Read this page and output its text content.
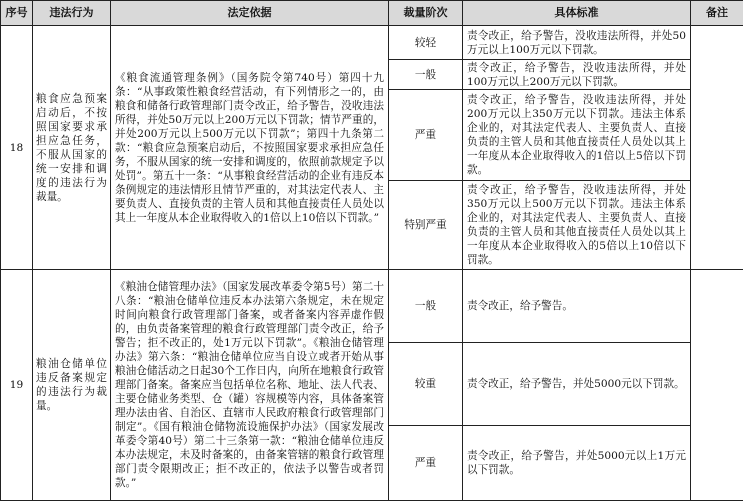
序号	违法行为	法定依据	裁量阶次	具体标准	备注
18	粮食应急预案启动后，不按照国家要求承担应急任务，不服从国家的统一安排和调度的违法行为裁量。	《粮食流通管理条例》（国务院令第740号）第四十九条：“从事政策性粮食经营活动，有下列情形之一的，由粮食和储备行政管理部门责令改正，给予警告，没收违法所得，并处50万元以上200万元以下罚款；情节严重的，并处200万元以上500万元以下罚款”；第四十九条第二款：“粮食应急预案启动后，不按照国家要求承担应急任务，不服从国家的统一安排和调度的，依照前款规定予以处罚”。第五十一条：“从事粮食经营活动的企业有违反本条例规定的违法情形且情节严重的，对其法定代表人、主要负责人、直接负责的主管人员和其他直接责任人员处以其上一年度从本企业取得收入的1倍以上10倍以下罚款。”	较轻	责令改正，给予警告，没收违法所得，并处50万元以上100万元以下罚款。	
			一般	责令改正，给予警告，没收违法所得，并处100万元以上200万元以下罚款。	
			严重	责令改正，给予警告，没收违法所得，并处200万元以上350万元以下罚款。违法主体系企业的，对其法定代表人、主要负责人、直接负责的主管人员和其他直接责任人员处以其上一年度从本企业取得收入的1倍以上5倍以下罚款。	
			特别严重	责令改正，给予警告，没收违法所得，并处350万元以上500万元以下罚款。违法主体系企业的，对其法定代表人、主要负责人、直接负责的主管人员和其他直接责任人员处以其上一年度从本企业取得收入的5倍以上10倍以下罚款。	
19	粮油仓储单位违反备案规定的违法行为裁量。	《粮油仓储管理办法》（国家发展改革委令第5号）第二十八条：“粮油仓储单位违反本办法第六条规定，未在规定时间向粮食行政管理部门备案，或者备案内容弄虚作假的，由负责备案管理的粮食行政管理部门责令改正，给予警告；拒不改正的，处1万元以下罚款”。《粮油仓储管理办法》第六条：“粮油仓储单位应当自设立或者开始从事粮油仓储活动之日起30个工作日内，向所在地粮食行政管理部门备案。备案应当包括单位名称、地址、法人代表、主要仓储业务类型、仓（罐）容规模等内容，具体备案管理办法由省、自治区、直辖市人民政府粮食行政管理部门制定”。《国有粮油仓储物流设施保护办法》（国家发展改革委令第40号）第二十三条第一款：“粮油仓储单位违反本办法规定，未及时备案的，由备案管辖的粮食行政管理部门责令限期改正；拒不改正的，依法予以警告或者罚款。”	一般	责令改正，给予警告。	
			较重	责令改正，给予警告，并处5000元以下罚款。	
			严重	责令改正，给予警告，并处5000元以上1万元以下罚款。	
